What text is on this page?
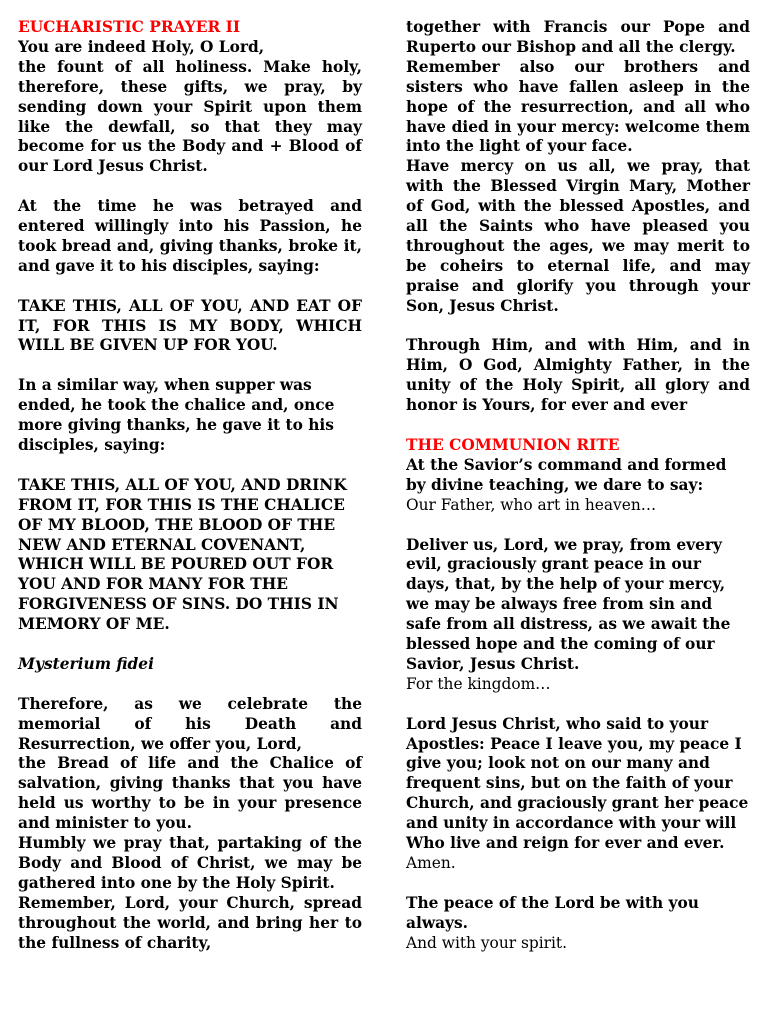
EUCHARISTIC PRAYER II

You are indeed Holy, O Lord,

the fount of all holiness. Make holy, therefore, these gifts, we pray, by sending down your Spirit upon them like the dewfall, so that they may become for us the Body and + Blood of our Lord Jesus Christ.

At the time he was betrayed and entered willingly into his Passion, he took bread and, giving thanks, broke it, and gave it to his disciples, saying:

TAKE THIS, ALL OF YOU, AND EAT OF IT, FOR THIS IS MY BODY, WHICH WILL BE GIVEN UP FOR YOU.

In a similar way, when supper was ended, he took the chalice and, once more giving thanks, he gave it to his disciples, saying:

TAKE THIS, ALL OF YOU, AND DRINK FROM IT, FOR THIS IS THE CHALICE OF MY BLOOD, THE BLOOD OF THE NEW AND ETERNAL COVENANT, WHICH WILL BE POURED OUT FOR YOU AND FOR MANY FOR THE FORGIVENESS OF SINS. DO THIS IN MEMORY OF ME.

Mysterium fidei

Therefore, as we celebrate the memorial of his Death and Resurrection, we offer you, Lord,

the Bread of life and the Chalice of salvation, giving thanks that you have held us worthy to be in your presence and minister to you.

Humbly we pray that, partaking of the Body and Blood of Christ, we may be gathered into one by the Holy Spirit.

Remember, Lord, your Church, spread throughout the world, and bring her to the fullness of charity,

together with Francis our Pope and Ruperto our Bishop and all the clergy.

Remember also our brothers and sisters who have fallen asleep in the hope of the resurrection, and all who have died in your mercy: welcome them into the light of your face.

Have mercy on us all, we pray, that with the Blessed Virgin Mary, Mother of God, with the blessed Apostles, and all the Saints who have pleased you throughout the ages, we may merit to be coheirs to eternal life, and may praise and glorify you through your Son, Jesus Christ.

Through Him, and with Him, and in Him, O God, Almighty Father, in the unity of the Holy Spirit, all glory and honor is Yours, for ever and ever

THE COMMUNION RITE

At the Savior’s command and formed by divine teaching, we dare to say:

Our Father, who art in heaven…

Deliver us, Lord, we pray, from every evil, graciously grant peace in our days, that, by the help of your mercy, we may be always free from sin and safe from all distress, as we await the blessed hope and the coming of our Savior, Jesus Christ.

For the kingdom…

Lord Jesus Christ, who said to your Apostles: Peace I leave you, my peace I give you; look not on our many and frequent sins, but on the faith of your Church, and graciously grant her peace and unity in accordance with your will Who live and reign for ever and ever.

Amen.

The peace of the Lord be with you always.

And with your spirit.
